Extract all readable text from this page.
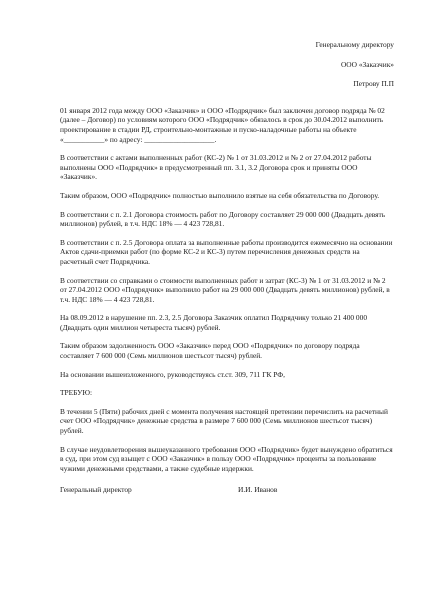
Генеральному директору

ООО «Заказчик»

Петрову П.П

01 января 2012 года между ООО «Заказчик» и ООО «Подрядчик» был заключен договор подряда № 02 (далее – Договор) по условиям которого ООО «Подрядчик» обязалось в срок до 30.04.2012 выполнить проектирование в стадии РД, строительно-монтажные и пуско-наладочные работы на объекте «___________» по адресу: ___________________.

В соответствии с актами выполненных работ (КС-2) № 1 от 31.03.2012 и № 2 от 27.04.2012 работы выполнены ООО «Подрядчик» в предусмотренный пп. 3.1, 3.2 Договора срок и приняты ООО «Заказчик».

Таким образом, ООО «Подрядчик» полностью выполнило взятые на себя обязательства по Договору.

В соответствии с п. 2.1 Договора стоимость работ по Договору составляет 29 000 000 (Двадцать девять миллионов) рублей, в т.ч. НДС 18% — 4 423 728,81.

В соответствии с п. 2.5 Договора оплата за выполненные работы производится ежемесячно на основании Актов сдачи-приемки работ (по форме КС-2 и КС-3) путем перечисления денежных средств на расчетный счет Подрядчика.

В соответствии со справками о стоимости выполненных работ и затрат (КС-3) № 1 от 31.03.2012 и № 2 от 27.04.2012 ООО «Подрядчик» выполнило работ на 29 000 000 (Двадцать девять миллионов) рублей, в т.ч. НДС 18% — 4 423 728,81.

На 08.09.2012 в нарушение пп. 2.3, 2.5 Договора Заказчик оплатил Подрядчику только 21 400 000 (Двадцать один миллион четыреста тысяч) рублей.

Таким образом задолженность ООО «Заказчик» перед ООО «Подрядчик» по договору подряда составляет 7 600 000 (Семь миллионов шестьсот тысяч) рублей.

На основании вышеизложенного, руководствуясь ст.ст. 309, 711 ГК РФ,

ТРЕБУЮ:

В течении 5 (Пяти) рабочих дней с момента получения настоящей претензии перечислить на расчетный счет ООО «Подрядчик» денежные средства в размере 7 600 000 (Семь миллионов шестьсот тысяч) рублей.

В случае неудовлетворения вышеуказанного требования ООО «Подрядчик» будет вынуждено обратиться в суд, при этом суд взыщет с ООО «Заказчик» в пользу ООО «Подрядчик» проценты за пользование чужими денежными средствами, а также судебные издержки.

Генеральный директор	И.И. Иванов
